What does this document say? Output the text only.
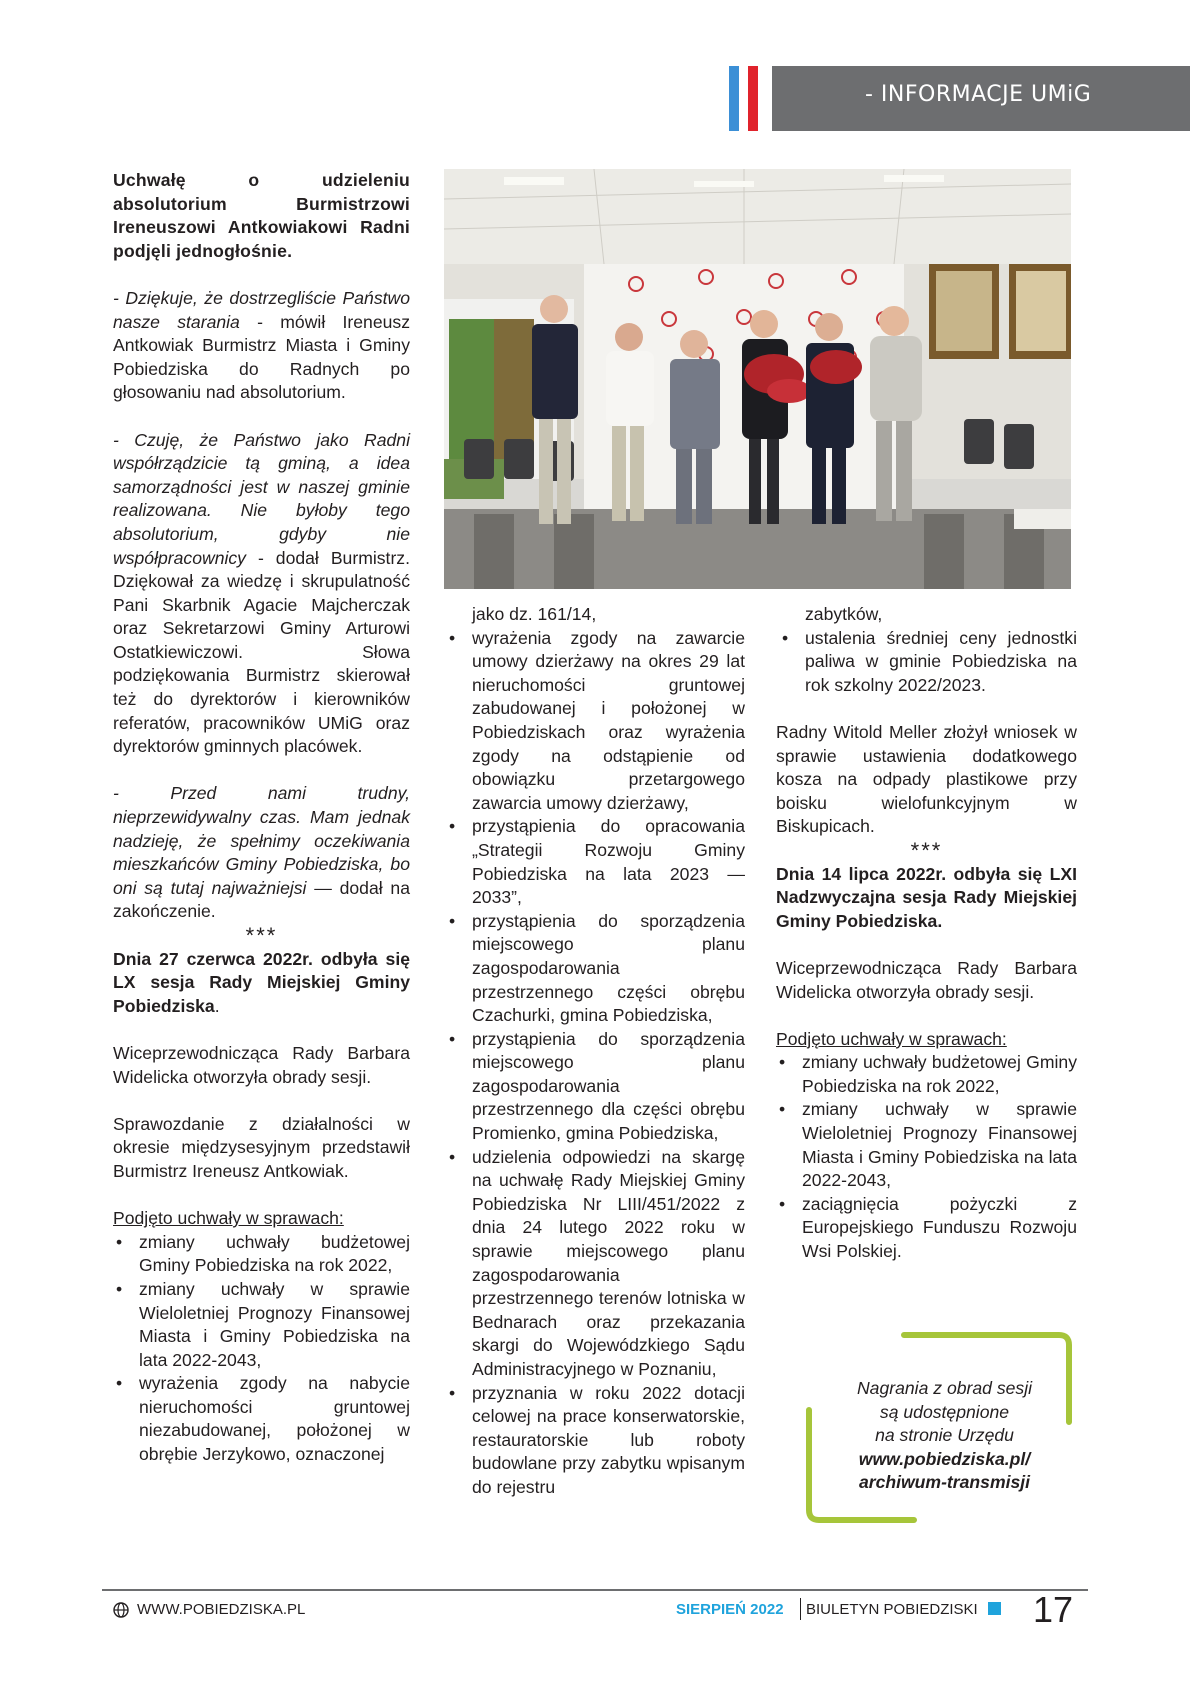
- INFORMACJE UMiG

Uchwałę o udzieleniu absolutorium Burmistrzowi Ireneuszowi Antkowiakowi Radni podjęli jednogłośnie.

- Dziękuje, że dostrzegliście Państwo nasze starania - mówił Ireneusz Antkowiak Burmistrz Miasta i Gminy Pobiedziska do Radnych po głosowaniu nad absolutorium.

- Czuję, że Państwo jako Radni współrządzicie tą gminą, a idea samorządności jest w naszej gminie realizowana. Nie byłoby tego absolutorium, gdyby nie współpracownicy - dodał Burmistrz. Dziękował za wiedzę i skrupulatność Pani Skarbnik Agacie Majcherczak oraz Sekretarzowi Gminy Arturowi Ostatkiewiczowi. Słowa podziękowania Burmistrz skierował też do dyrektorów i kierowników referatów, pracowników UMiG oraz dyrektorów gminnych placówek.

- Przed nami trudny, nieprzewidywalny czas. Mam jednak nadzieję, że spełnimy oczekiwania mieszkańców Gminy Pobiedziska, bo oni są tutaj najważniejsi — dodał na zakończenie.

***

Dnia 27 czerwca 2022r. odbyła się LX sesja Rady Miejskiej Gminy Pobiedziska.

Wiceprzewodnicząca Rady Barbara Widelicka otworzyła obrady sesji.

Sprawozdanie z działalności w okresie międzysesyjnym przedstawił Burmistrz Ireneusz Antkowiak.

Podjęto uchwały w sprawach:

• zmiany uchwały budżetowej Gminy Pobiedziska na rok 2022,
• zmiany uchwały w sprawie Wieloletniej Prognozy Finansowej Miasta i Gminy Pobiedziska na lata 2022-2043,
• wyrażenia zgody na nabycie nieruchomości gruntowej niezabudowanej, położonej w obrębie Jerzykowo, oznaczonej

jako dz. 161/14,

• wyrażenia zgody na zawarcie umowy dzierżawy na okres 29 lat nieruchomości gruntowej zabudowanej i położonej w Pobiedziskach oraz wyrażenia zgody na odstąpienie od obowiązku przetargowego zawarcia umowy dzierżawy,
• przystąpienia do opracowania „Strategii Rozwoju Gminy Pobiedziska na lata 2023 — 2033”,
• przystąpienia do sporządzenia miejscowego planu zagospodarowania przestrzennego części obrębu Czachurki, gmina Pobiedziska,
• przystąpienia do sporządzenia miejscowego planu zagospodarowania przestrzennego dla części obrębu Promienko, gmina Pobiedziska,
• udzielenia odpowiedzi na skargę na uchwałę Rady Miejskiej Gminy Pobiedziska Nr LIII/451/2022 z dnia 24 lutego 2022 roku w sprawie miejscowego planu zagospodarowania przestrzennego terenów lotniska w Bednarach oraz przekazania skargi do Wojewódzkiego Sądu Administracyjnego w Poznaniu,
• przyznania w roku 2022 dotacji celowej na prace konserwatorskie, restauratorskie lub roboty budowlane przy zabytku wpisanym do rejestru

zabytków,

• ustalenia średniej ceny jednostki paliwa w gminie Pobiedziska na rok szkolny 2022/2023.

Radny Witold Meller złożył wniosek w sprawie ustawienia dodatkowego kosza na odpady plastikowe przy boisku wielofunkcyjnym w Biskupicach.

***

Dnia 14 lipca 2022r. odbyła się LXI Nadzwyczajna sesja Rady Miejskiej Gminy Pobiedziska.

Wiceprzewodnicząca Rady Barbara Widelicka otworzyła obrady sesji.

Podjęto uchwały w sprawach:

• zmiany uchwały budżetowej Gminy Pobiedziska na rok 2022,
• zmiany uchwały w sprawie Wieloletniej Prognozy Finansowej Miasta i Gminy Pobiedziska na lata 2022-2043,
• zaciągnięcia pożyczki z Europejskiego Funduszu Rozwoju Wsi Polskiej.
Nagrania z obrad sesji
są udostępnione
na stronie Urzędu
www.pobiedziska.pl/
archiwum-transmisji
WWW.POBIEDZISKA.PL	SIERPIEŃ 2022 BIULETYN POBIEDZISKI 17
